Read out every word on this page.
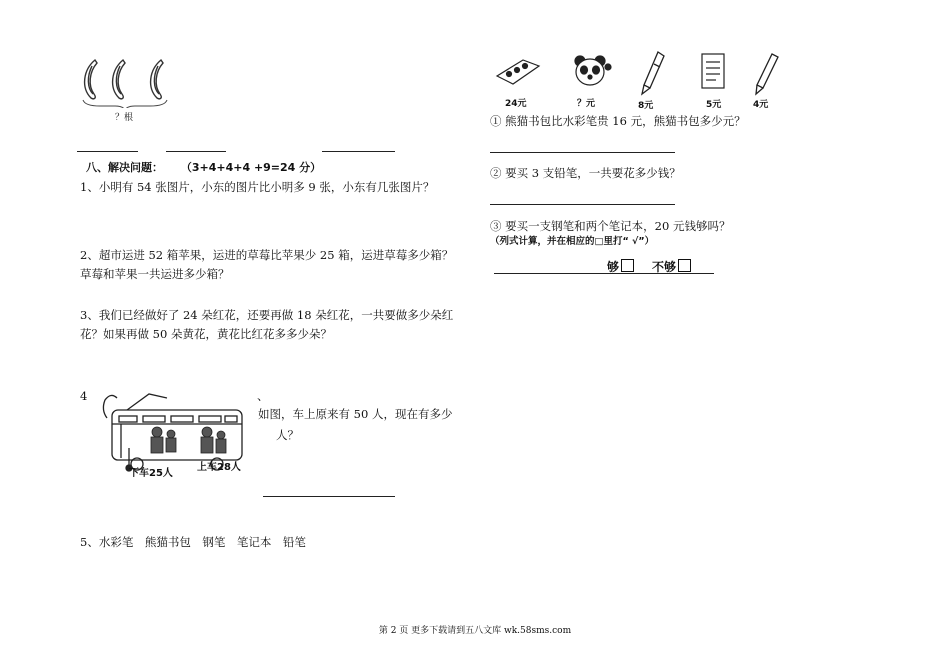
？根
八、解决问题： （3+4+4+4 +9=24 分）
1、小明有 54 张图片，小东的图片比小明多 9 张，小东有几张图片？
2、超市运进 52 箱苹果，运进的草莓比苹果少 25 箱，运进草莓多少箱？
草莓和苹果一共运进多少箱？
3、我们已经做好了 24 朵红花，还要再做 18 朵红花，一共要做多少朵红
花？如果再做 50 朵黄花，黄花比红花多多少朵？
4	、
下车25人
上车28人
如图，车上原来有 50 人，现在有多少
人？
5、水彩笔　熊猫书包　钢笔　笔记本　铅笔
24元	？元	8元	5元	4元
① 熊猫书包比水彩笔贵 16 元，熊猫书包多少元？
② 要买 3 支铅笔，一共要花多少钱？
③ 要买一支钢笔和两个笔记本，20 元钱够吗？
（列式计算，并在相应的□里打“ √”）
够	不够
第 2 页 更多下载请到五八文库 wk.58sms.com
